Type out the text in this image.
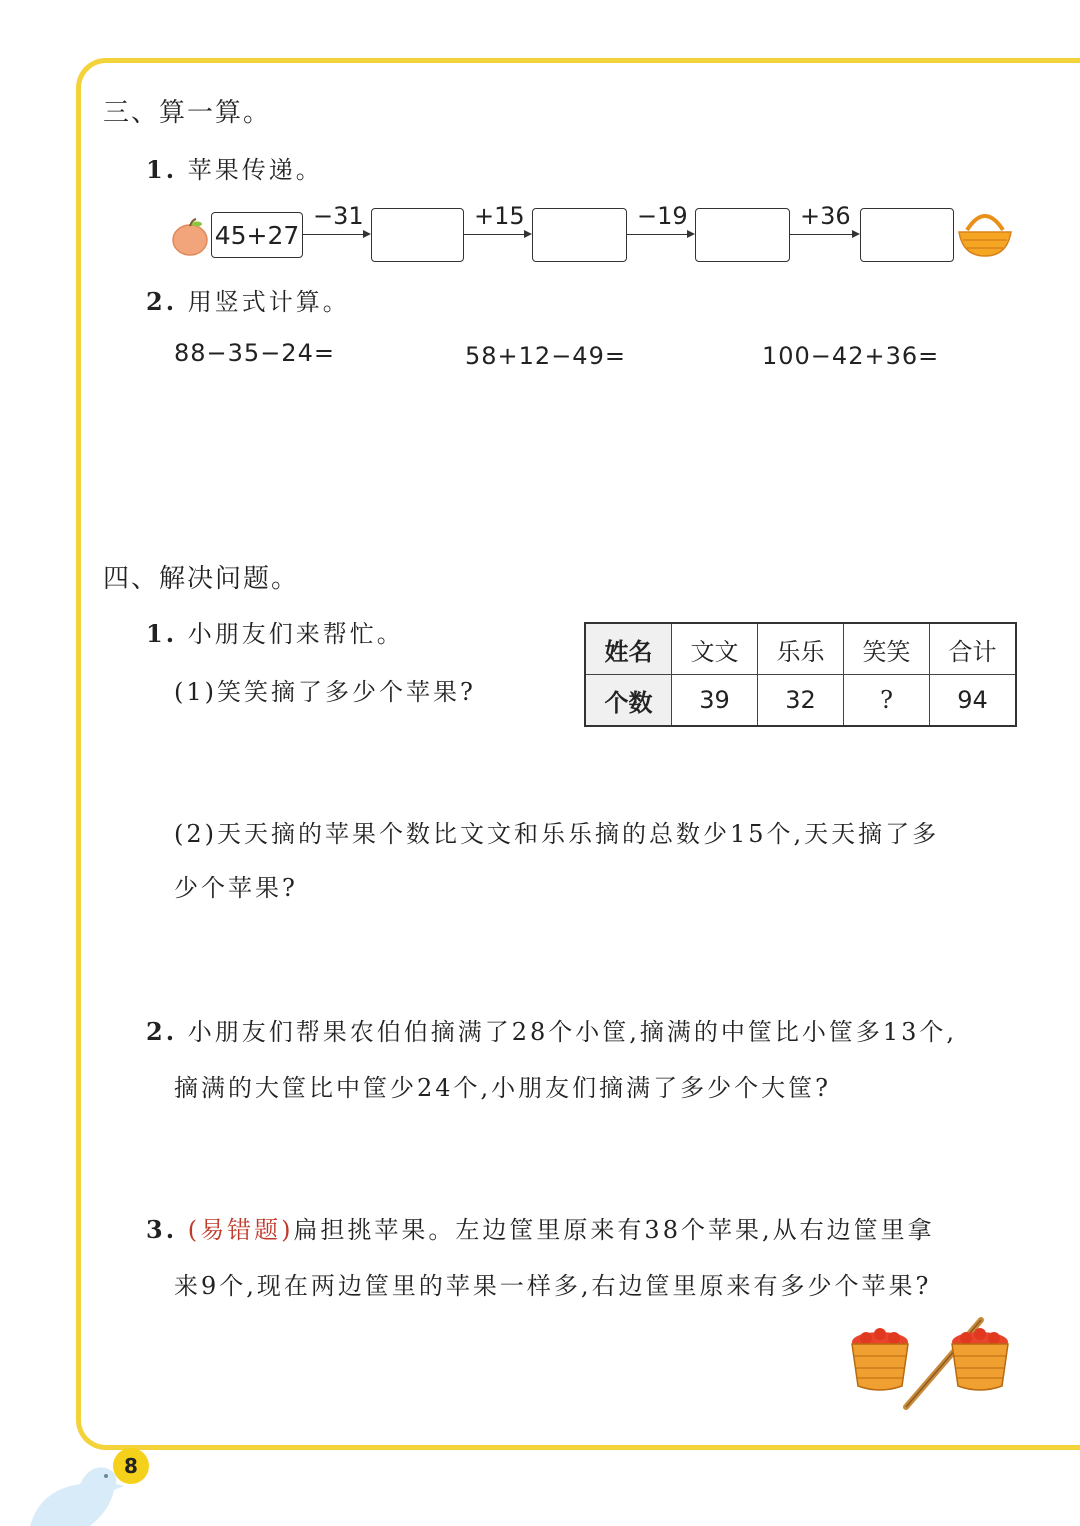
三、算一算。
1. 苹果传递。
45+27
−31	+15	−19	+36
2. 用竖式计算。
88−35−24=	58+12−49=	100−42+36=
四、解决问题。
1. 小朋友们来帮忙。
(1)笑笑摘了多少个苹果?
姓名	文文	乐乐	笑笑	合计
个数	39	32	?	94
(2)天天摘的苹果个数比文文和乐乐摘的总数少15个,天天摘了多
少个苹果?
2. 小朋友们帮果农伯伯摘满了28个小筐,摘满的中筐比小筐多13个,
摘满的大筐比中筐少24个,小朋友们摘满了多少个大筐?
3. (易错题)扁担挑苹果。左边筐里原来有38个苹果,从右边筐里拿
来9个,现在两边筐里的苹果一样多,右边筐里原来有多少个苹果?
8
